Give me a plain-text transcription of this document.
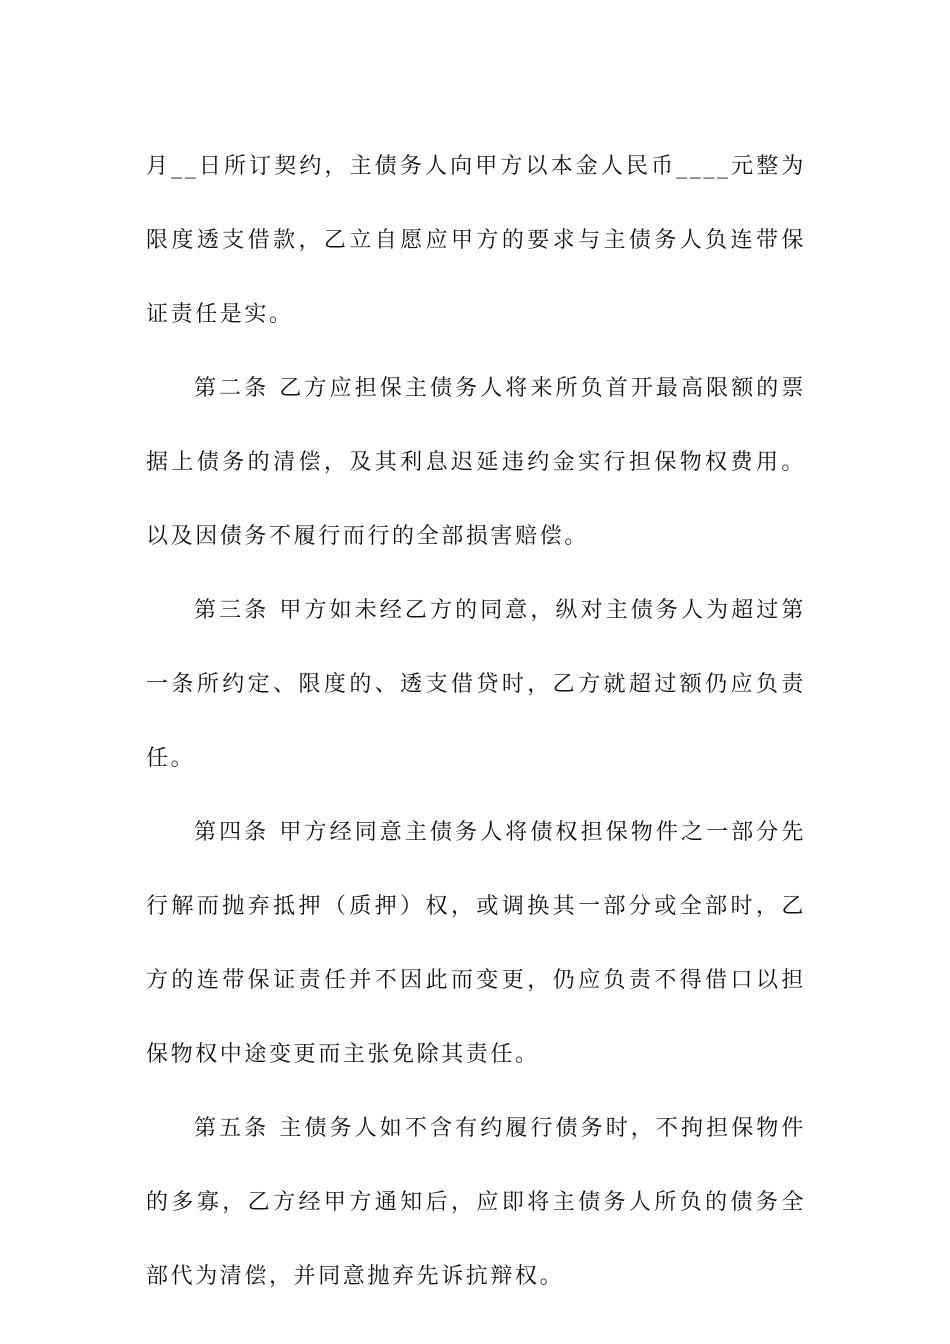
月__日所订契约，主债务人向甲方以本金人民币____元整为限度透支借款，乙立自愿应甲方的要求与主债务人负连带保证责任是实。

第二条 乙方应担保主债务人将来所负首开最高限额的票据上债务的清偿，及其利息迟延违约金实行担保物权费用。以及因债务不履行而行的全部损害赔偿。

第三条 甲方如未经乙方的同意，纵对主债务人为超过第一条所约定、限度的、透支借贷时，乙方就超过额仍应负责任。

第四条 甲方经同意主债务人将债权担保物件之一部分先行解而抛弃抵押（质押）权，或调换其一部分或全部时，乙方的连带保证责任并不因此而变更，仍应负责不得借口以担保物权中途变更而主张免除其责任。

第五条 主债务人如不含有约履行债务时，不拘担保物件的多寡，乙方经甲方通知后，应即将主债务人所负的债务全部代为清偿，并同意抛弃先诉抗辩权。
